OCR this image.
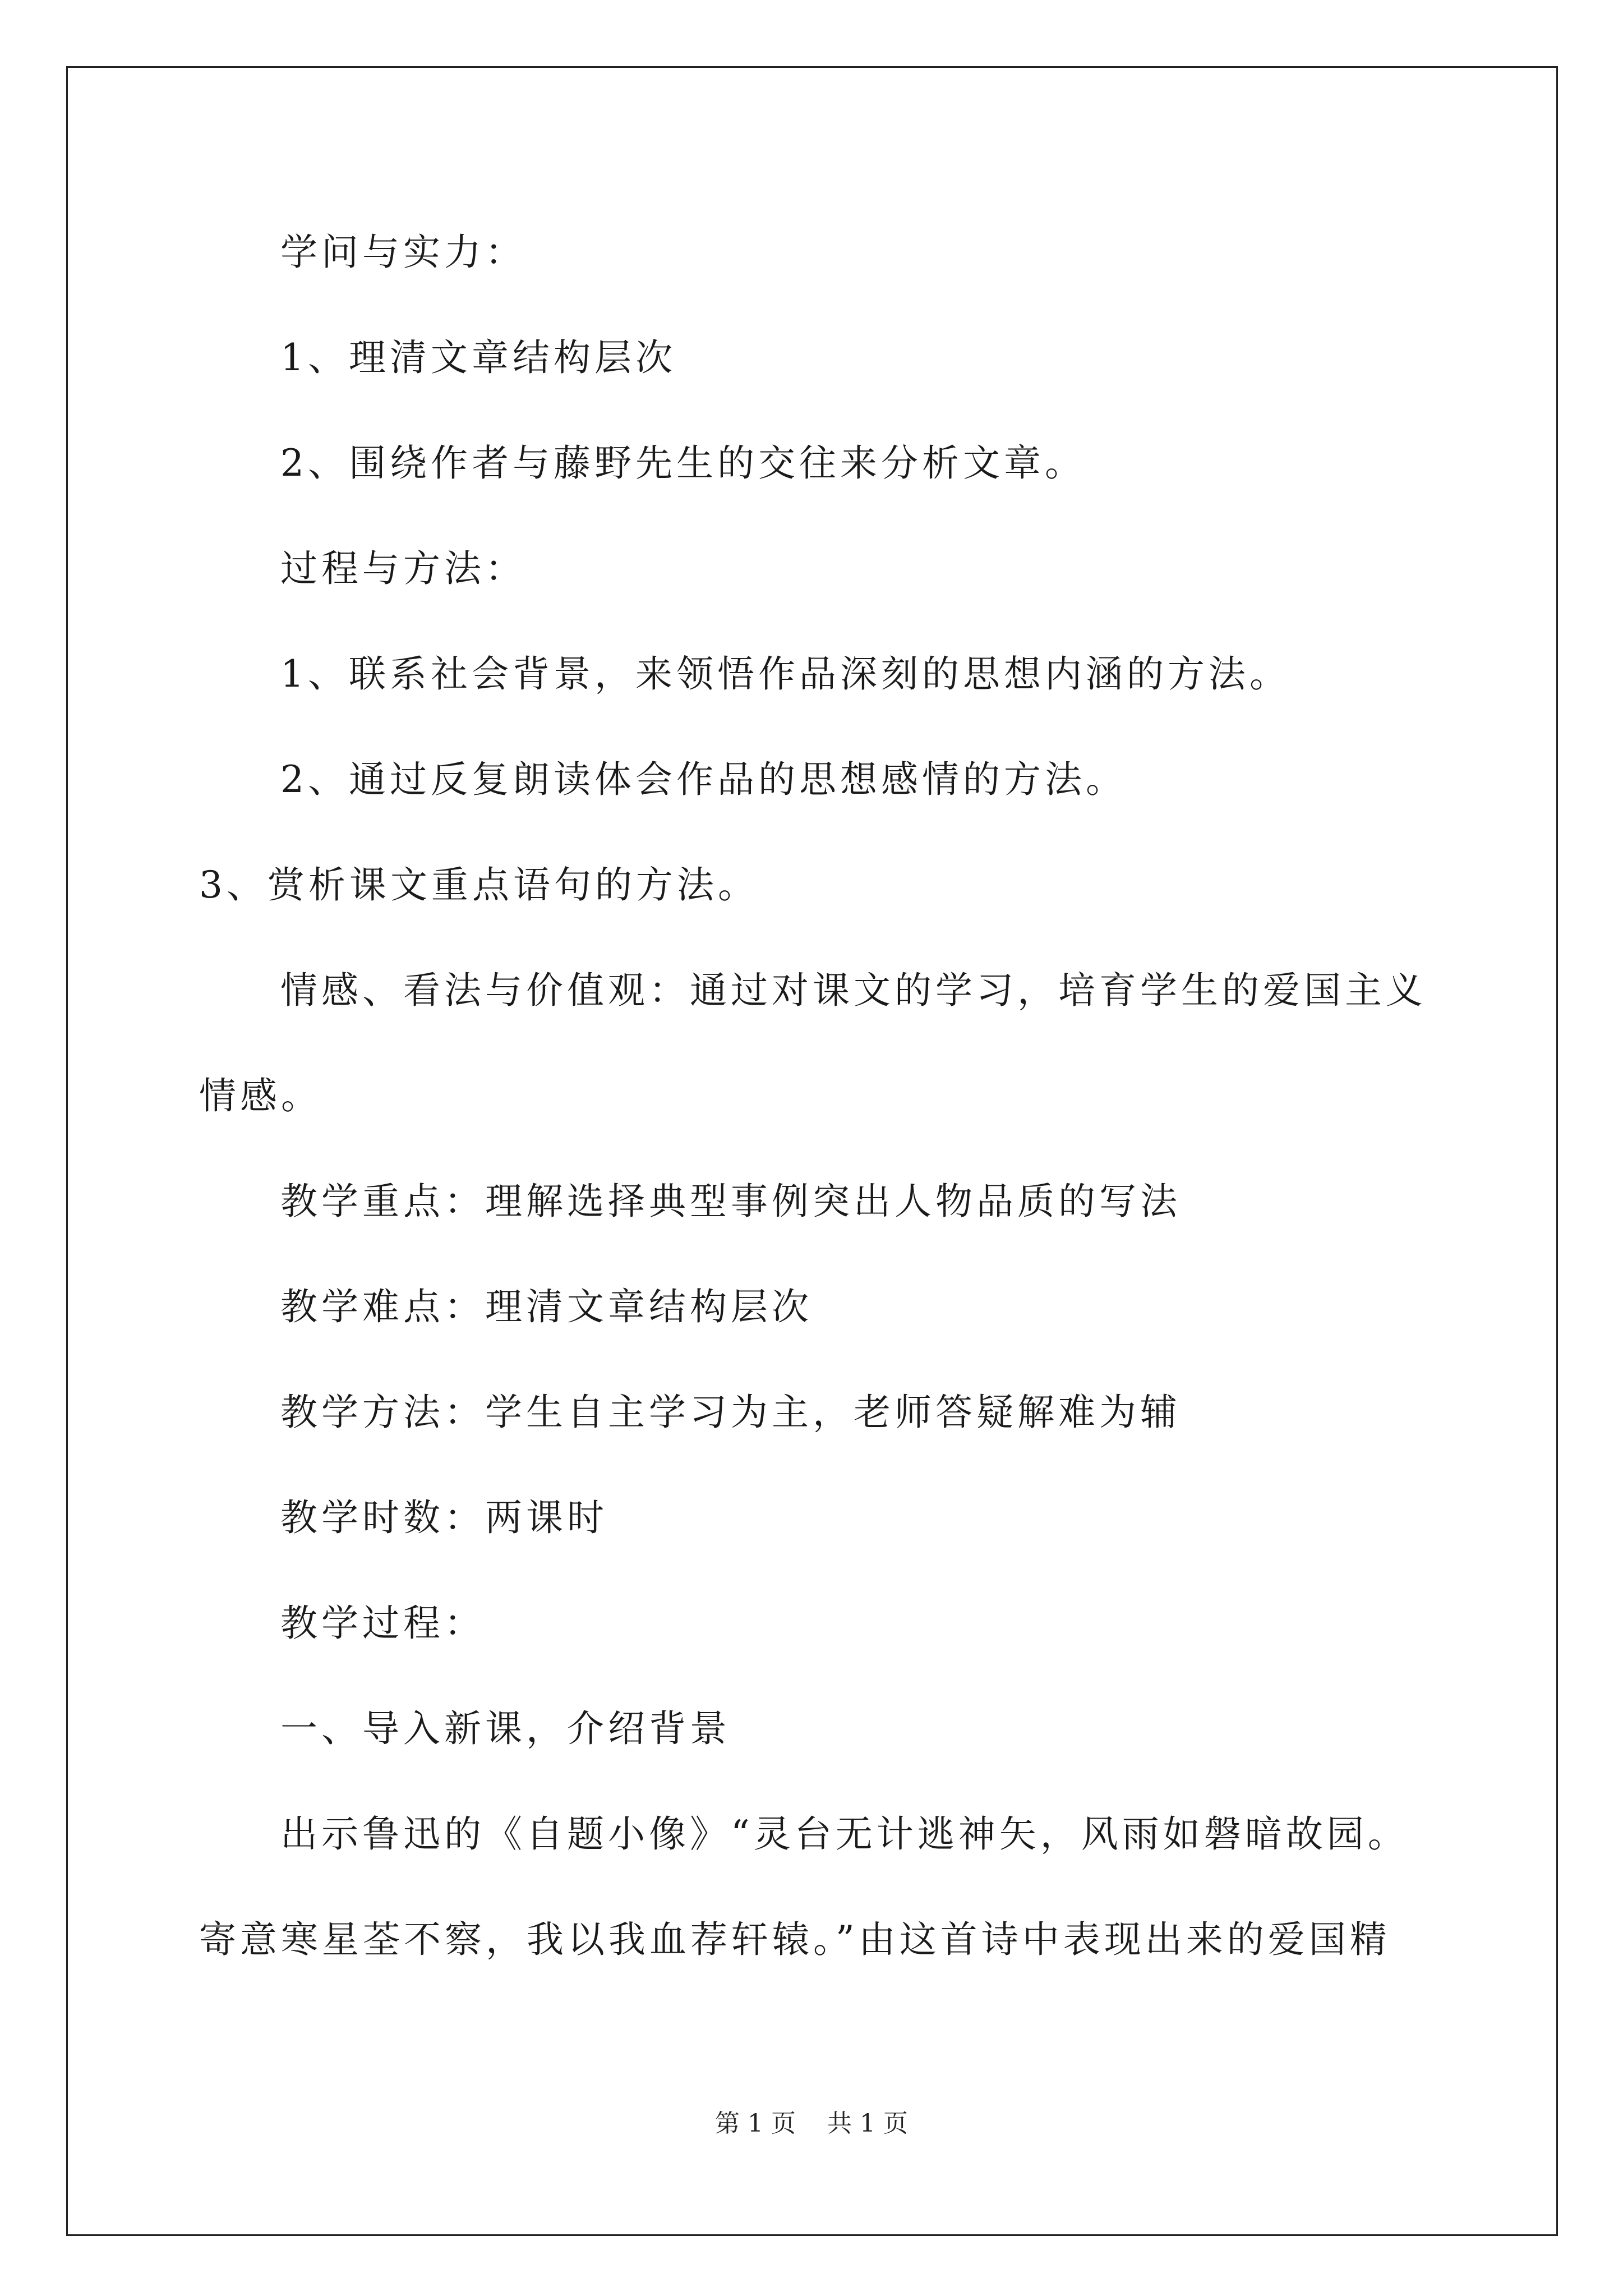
学问与实力：
1、理清文章结构层次
2、围绕作者与藤野先生的交往来分析文章。
过程与方法：
1、联系社会背景，来领悟作品深刻的思想内涵的方法。
2、通过反复朗读体会作品的思想感情的方法。
3、赏析课文重点语句的方法。
情感、看法与价值观：通过对课文的学习，培育学生的爱国主义
情感。
教学重点：理解选择典型事例突出人物品质的写法
教学难点：理清文章结构层次
教学方法：学生自主学习为主，老师答疑解难为辅
教学时数：两课时
教学过程：
一、导入新课，介绍背景
出示鲁迅的《自题小像》“灵台无计逃神矢，风雨如磐暗故园。
寄意寒星荃不察，我以我血荐轩辕。”由这首诗中表现出来的爱国精
第 1 页 共 1 页
